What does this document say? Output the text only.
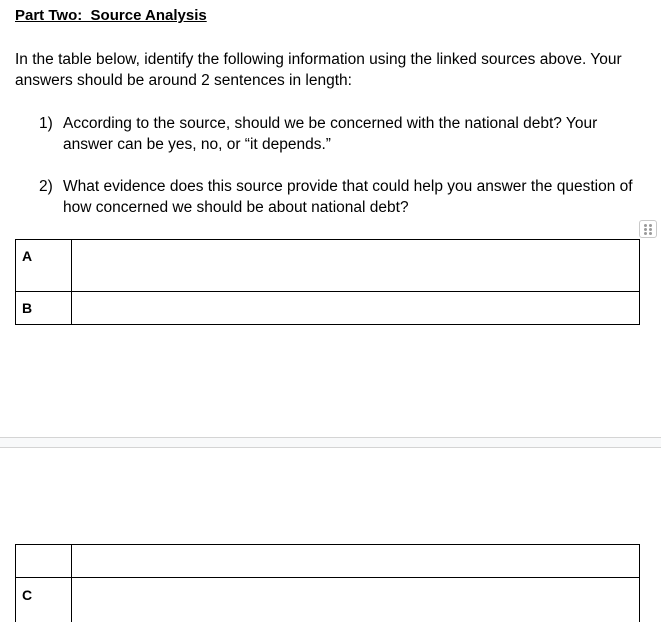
Part Two:  Source Analysis
In the table below, identify the following information using the linked sources above. Your answers should be around 2 sentences in length:
1) According to the source, should we be concerned with the national debt? Your answer can be yes, no, or “it depends.”
2) What evidence does this source provide that could help you answer the question of how concerned we should be about national debt?
A	
B	

C	
